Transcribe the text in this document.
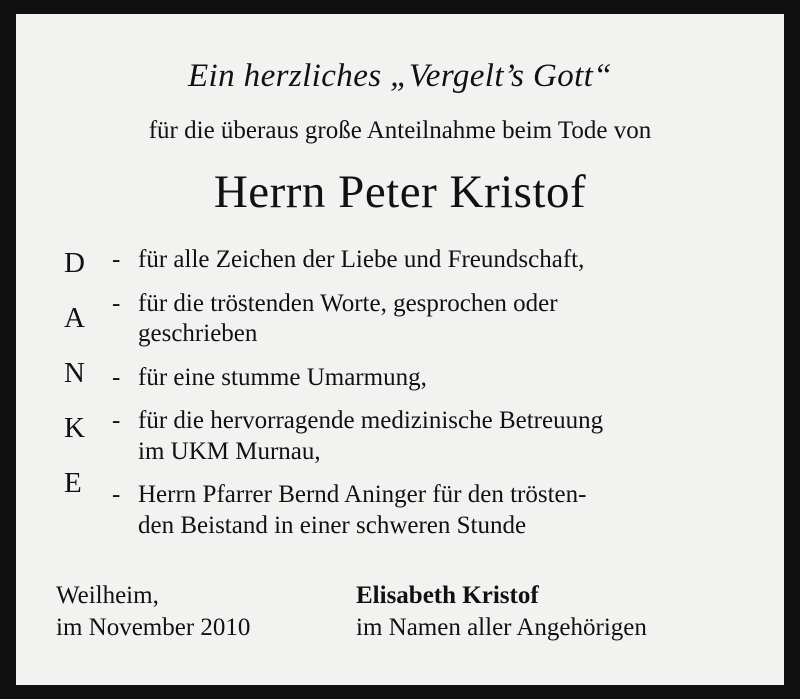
Ein herzliches „Vergelt’s Gott“
für die überaus große Anteilnahme beim Tode von
Herrn Peter Kristof
D
A
N
K
E
- für alle Zeichen der Liebe und Freundschaft,
- für die tröstenden Worte, gesprochen oder
geschrieben
- für eine stumme Umarmung,
- für die hervorragende medizinische Betreuung
im UKM Murnau,
- Herrn Pfarrer Bernd Aninger für den trösten-
den Beistand in einer schweren Stunde
Weilheim,
im November 2010
Elisabeth Kristof
im Namen aller Angehörigen
